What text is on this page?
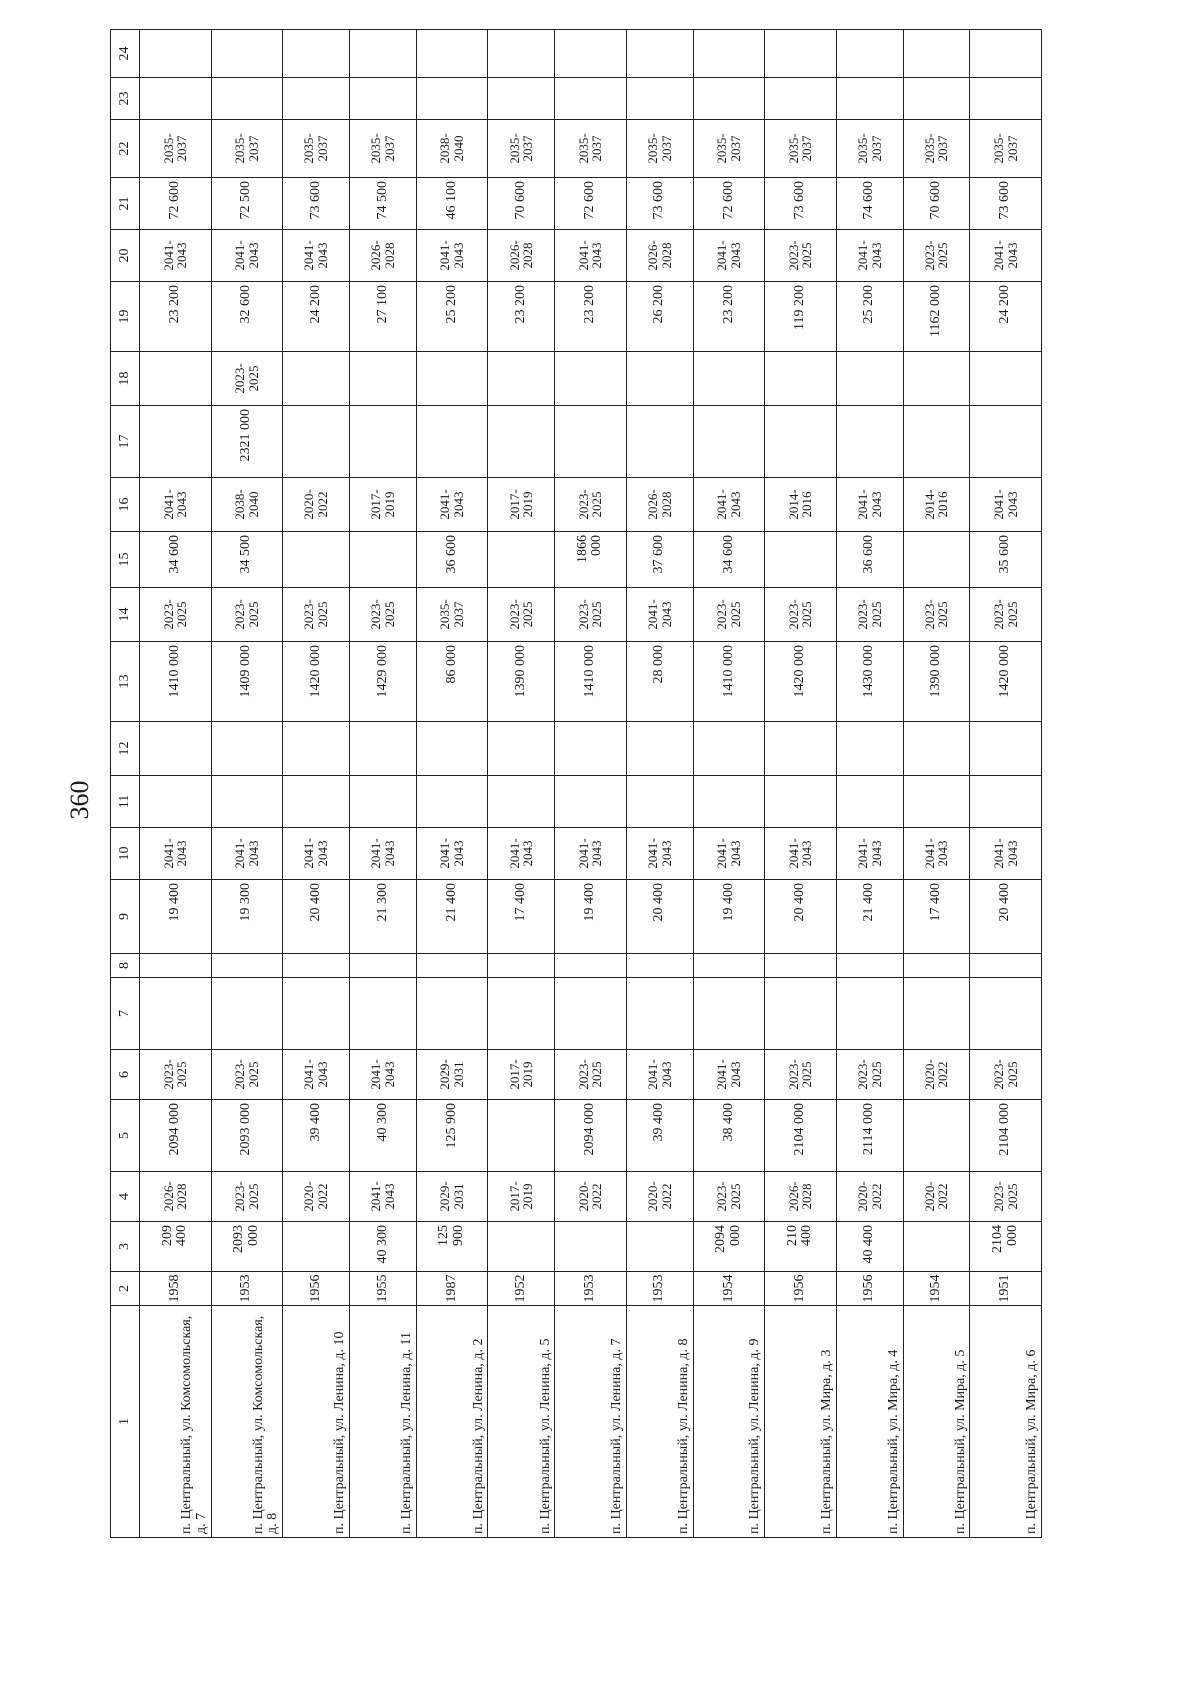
360
1	2	3	4	5	6	7	8	9	10	11	12	13	14	15	16	17	18	19	20	21	22	23	24
п. Центральный, ул. Комсомольская, д. 7	1958	209 400	2026-2028	2094 000	2023-2025			19 400	2041-2043			1410 000	2023-2025	34 600	2041-2043			23 200	2041-2043	72 600	2035-2037		
п. Центральный, ул. Комсомольская, д. 8	1953	2093 000	2023-2025	2093 000	2023-2025			19 300	2041-2043			1409 000	2023-2025	34 500	2038-2040	2321 000	2023-2025	32 600	2041-2043	72 500	2035-2037		
п. Центральный, ул. Ленина, д. 10	1956		2020-2022	39 400	2041-2043			20 400	2041-2043			1420 000	2023-2025		2020-2022			24 200	2041-2043	73 600	2035-2037		
п. Центральный, ул. Ленина, д. 11	1955	40 300	2041-2043	40 300	2041-2043			21 300	2041-2043			1429 000	2023-2025		2017-2019			27 100	2026-2028	74 500	2035-2037		
п. Центральный, ул. Ленина, д. 2	1987	125 900	2029-2031	125 900	2029-2031			21 400	2041-2043			86 000	2035-2037	36 600	2041-2043			25 200	2041-2043	46 100	2038-2040		
п. Центральный, ул. Ленина, д. 5	1952		2017-2019		2017-2019			17 400	2041-2043			1390 000	2023-2025		2017-2019			23 200	2026-2028	70 600	2035-2037		
п. Центральный, ул. Ленина, д. 7	1953		2020-2022	2094 000	2023-2025			19 400	2041-2043			1410 000	2023-2025	1866 000	2023-2025			23 200	2041-2043	72 600	2035-2037		
п. Центральный, ул. Ленина, д. 8	1953		2020-2022	39 400	2041-2043			20 400	2041-2043			28 000	2041-2043	37 600	2026-2028			26 200	2026-2028	73 600	2035-2037		
п. Центральный, ул. Ленина, д. 9	1954	2094 000	2023-2025	38 400	2041-2043			19 400	2041-2043			1410 000	2023-2025	34 600	2041-2043			23 200	2041-2043	72 600	2035-2037		
п. Центральный, ул. Мира, д. 3	1956	210 400	2026-2028	2104 000	2023-2025			20 400	2041-2043			1420 000	2023-2025		2014-2016			119 200	2023-2025	73 600	2035-2037		
п. Центральный, ул. Мира, д. 4	1956	40 400	2020-2022	2114 000	2023-2025			21 400	2041-2043			1430 000	2023-2025	36 600	2041-2043			25 200	2041-2043	74 600	2035-2037		
п. Центральный, ул. Мира, д. 5	1954		2020-2022		2020-2022			17 400	2041-2043			1390 000	2023-2025		2014-2016			1162 000	2023-2025	70 600	2035-2037		
п. Центральный, ул. Мира, д. 6	1951	2104 000	2023-2025	2104 000	2023-2025			20 400	2041-2043			1420 000	2023-2025	35 600	2041-2043			24 200	2041-2043	73 600	2035-2037		
